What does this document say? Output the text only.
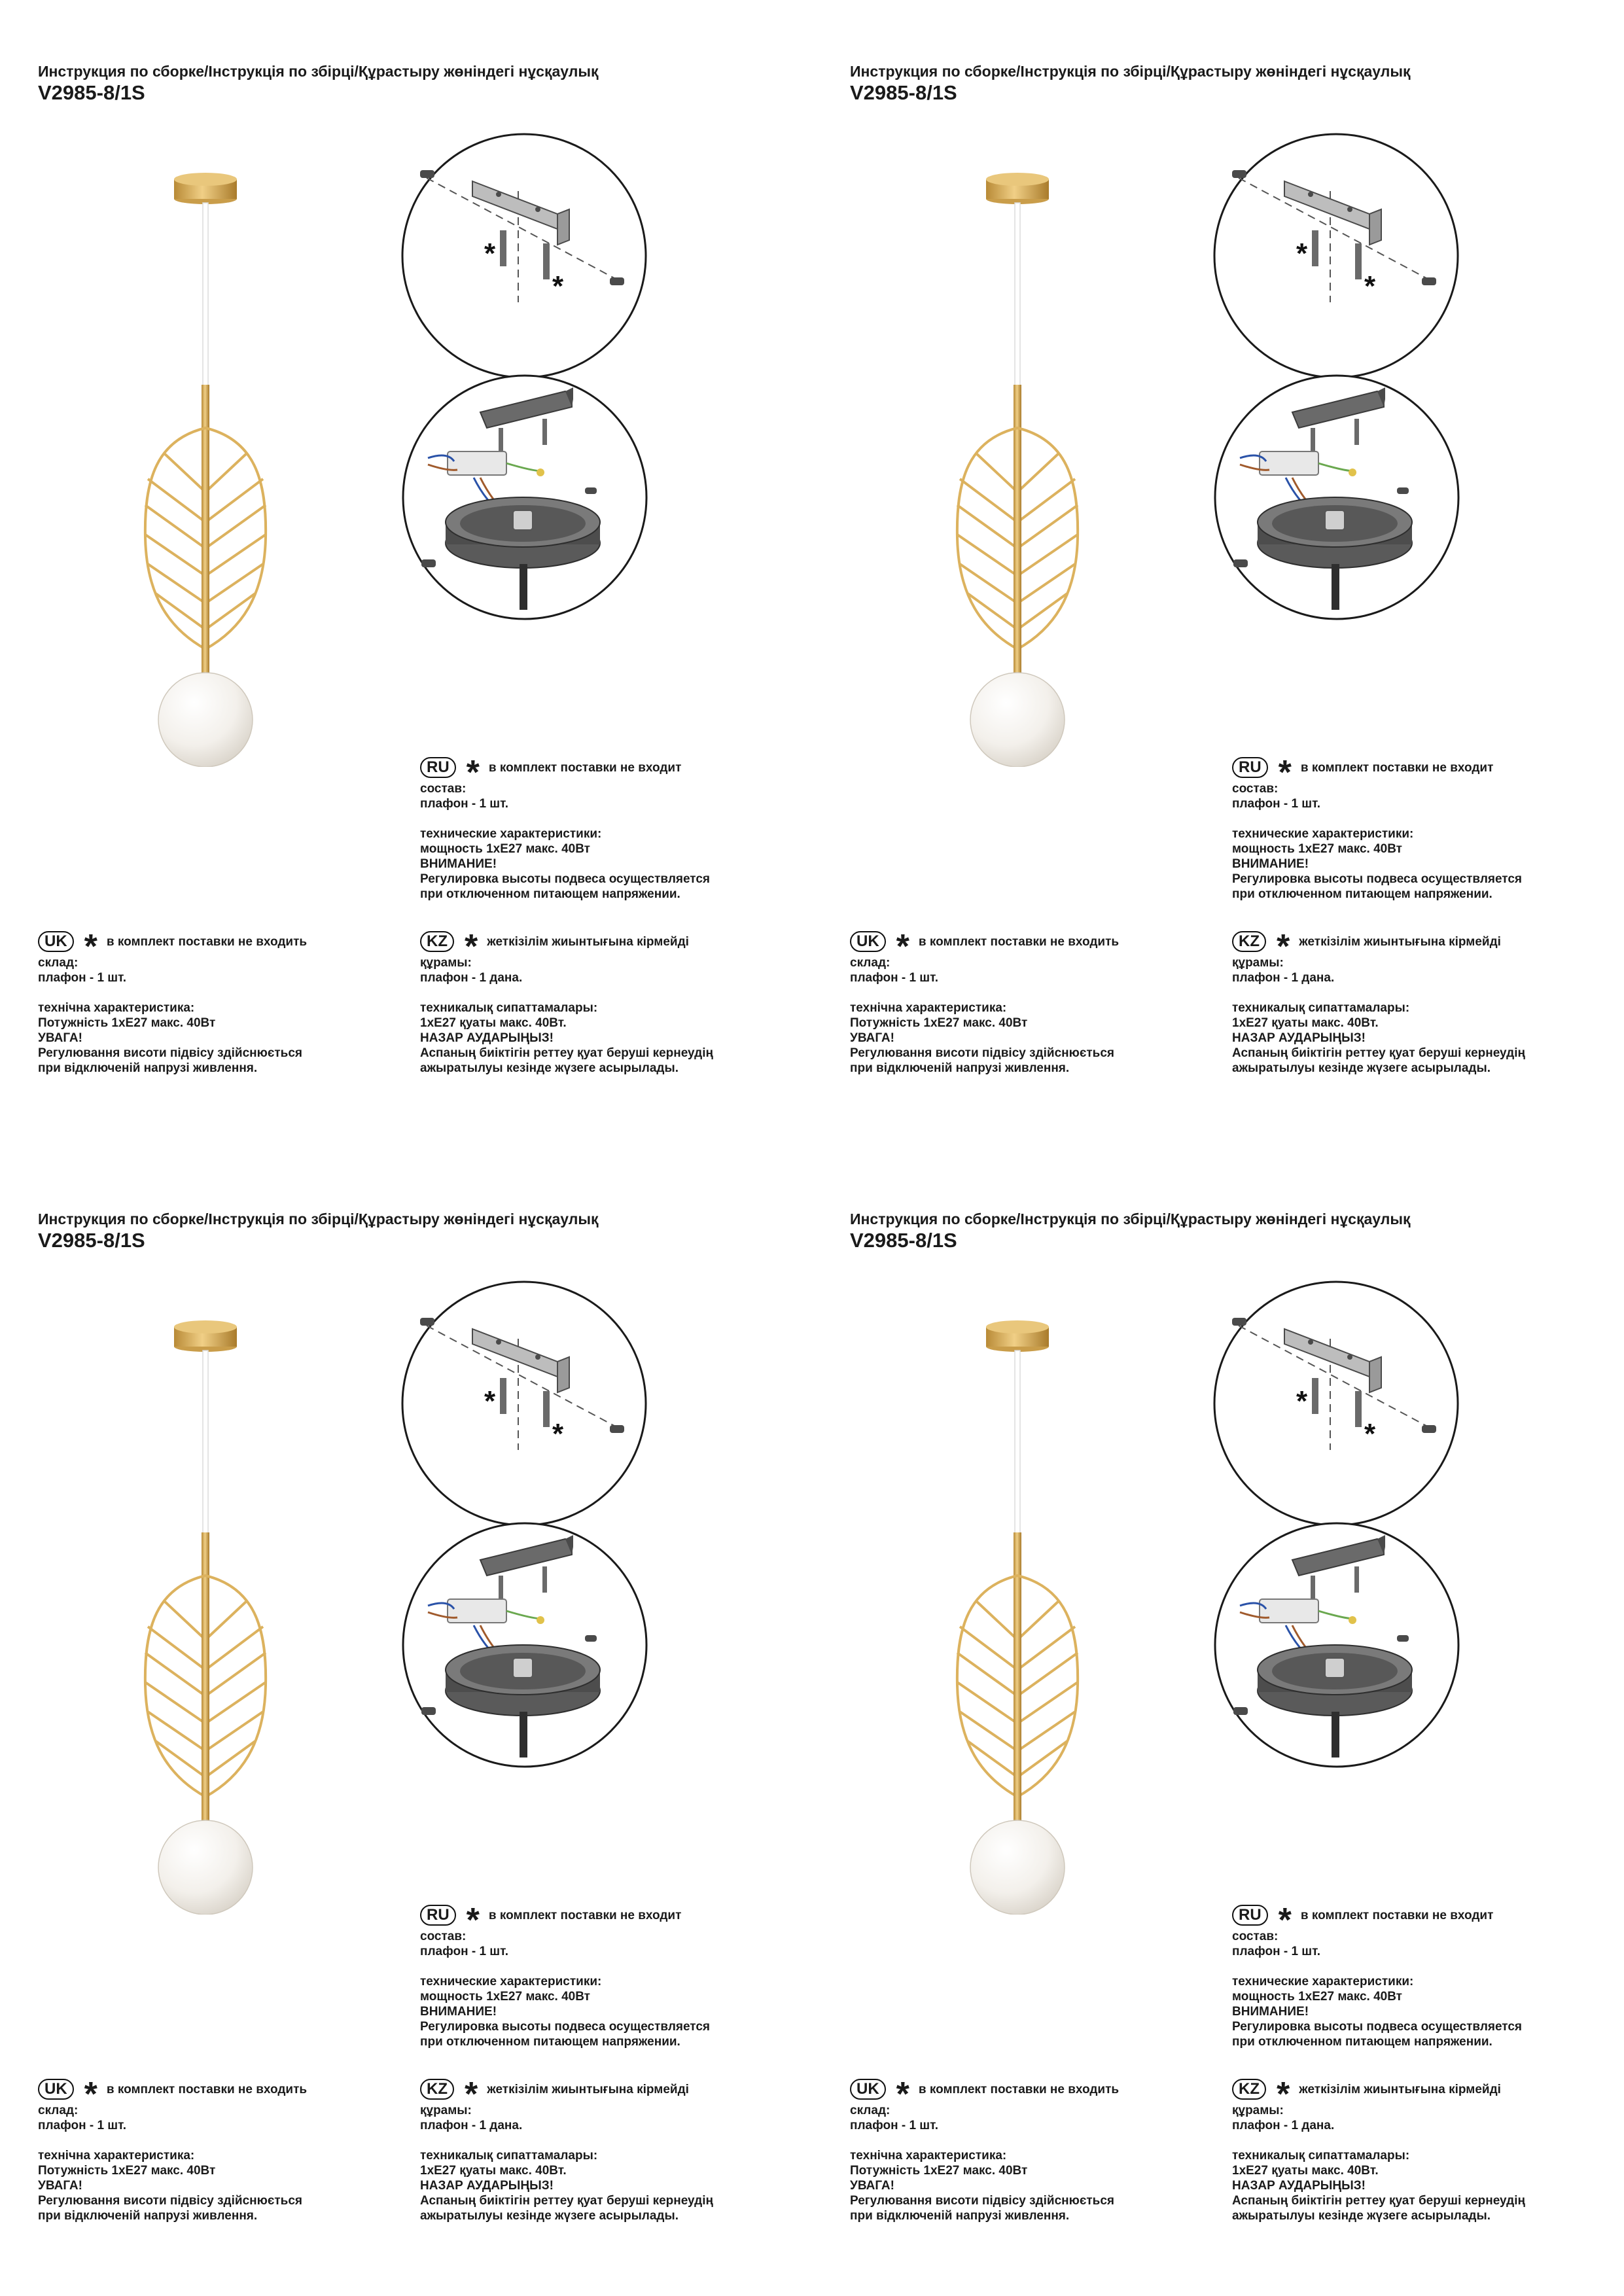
Инструкция по сборке/Інструкція по збірці/Құрастыру жөніндегі нұсқаулық
V2985-8/1S
*
*
RU * в комплект поставки не входит
состав:
плафон - 1 шт.
технические характеристики:
мощность 1хЕ27 макс. 40Вт
ВНИМАНИЕ!
Регулировка высоты подвеса осуществляется
при отключенном питающем напряжении.
UK * в комплект поставки не входить
склад:
плафон - 1 шт.
технічна характеристика:
Потужність 1хЕ27 макс. 40Вт
УВАГА!
Регулювання висоти підвісу здійснюється
при відключеній напрузі живлення.
KZ * жеткізілім жиынтығына кірмейді
құрамы:
плафон - 1 дана.
техникалық сипаттамалары:
1хЕ27 қуаты макс. 40Вт.
НАЗАР АУДАРЫҢЫЗ!
Аспаның биіктігін реттеу қуат беруші кернеудің
ажыратылуы кезінде жүзеге асырылады.
Инструкция по сборке/Інструкція по збірці/Құрастыру жөніндегі нұсқаулық
V2985-8/1S
*
*
RU * в комплект поставки не входит
состав:
плафон - 1 шт.
технические характеристики:
мощность 1хЕ27 макс. 40Вт
ВНИМАНИЕ!
Регулировка высоты подвеса осуществляется
при отключенном питающем напряжении.
UK * в комплект поставки не входить
склад:
плафон - 1 шт.
технічна характеристика:
Потужність 1хЕ27 макс. 40Вт
УВАГА!
Регулювання висоти підвісу здійснюється
при відключеній напрузі живлення.
KZ * жеткізілім жиынтығына кірмейді
құрамы:
плафон - 1 дана.
техникалық сипаттамалары:
1хЕ27 қуаты макс. 40Вт.
НАЗАР АУДАРЫҢЫЗ!
Аспаның биіктігін реттеу қуат беруші кернеудің
ажыратылуы кезінде жүзеге асырылады.
Инструкция по сборке/Інструкція по збірці/Құрастыру жөніндегі нұсқаулық
V2985-8/1S
*
*
RU * в комплект поставки не входит
состав:
плафон - 1 шт.
технические характеристики:
мощность 1хЕ27 макс. 40Вт
ВНИМАНИЕ!
Регулировка высоты подвеса осуществляется
при отключенном питающем напряжении.
UK * в комплект поставки не входить
склад:
плафон - 1 шт.
технічна характеристика:
Потужність 1хЕ27 макс. 40Вт
УВАГА!
Регулювання висоти підвісу здійснюється
при відключеній напрузі живлення.
KZ * жеткізілім жиынтығына кірмейді
құрамы:
плафон - 1 дана.
техникалық сипаттамалары:
1хЕ27 қуаты макс. 40Вт.
НАЗАР АУДАРЫҢЫЗ!
Аспаның биіктігін реттеу қуат беруші кернеудің
ажыратылуы кезінде жүзеге асырылады.
Инструкция по сборке/Інструкція по збірці/Құрастыру жөніндегі нұсқаулық
V2985-8/1S
*
*
RU * в комплект поставки не входит
состав:
плафон - 1 шт.
технические характеристики:
мощность 1хЕ27 макс. 40Вт
ВНИМАНИЕ!
Регулировка высоты подвеса осуществляется
при отключенном питающем напряжении.
UK * в комплект поставки не входить
склад:
плафон - 1 шт.
технічна характеристика:
Потужність 1хЕ27 макс. 40Вт
УВАГА!
Регулювання висоти підвісу здійснюється
при відключеній напрузі живлення.
KZ * жеткізілім жиынтығына кірмейді
құрамы:
плафон - 1 дана.
техникалық сипаттамалары:
1хЕ27 қуаты макс. 40Вт.
НАЗАР АУДАРЫҢЫЗ!
Аспаның биіктігін реттеу қуат беруші кернеудің
ажыратылуы кезінде жүзеге асырылады.
